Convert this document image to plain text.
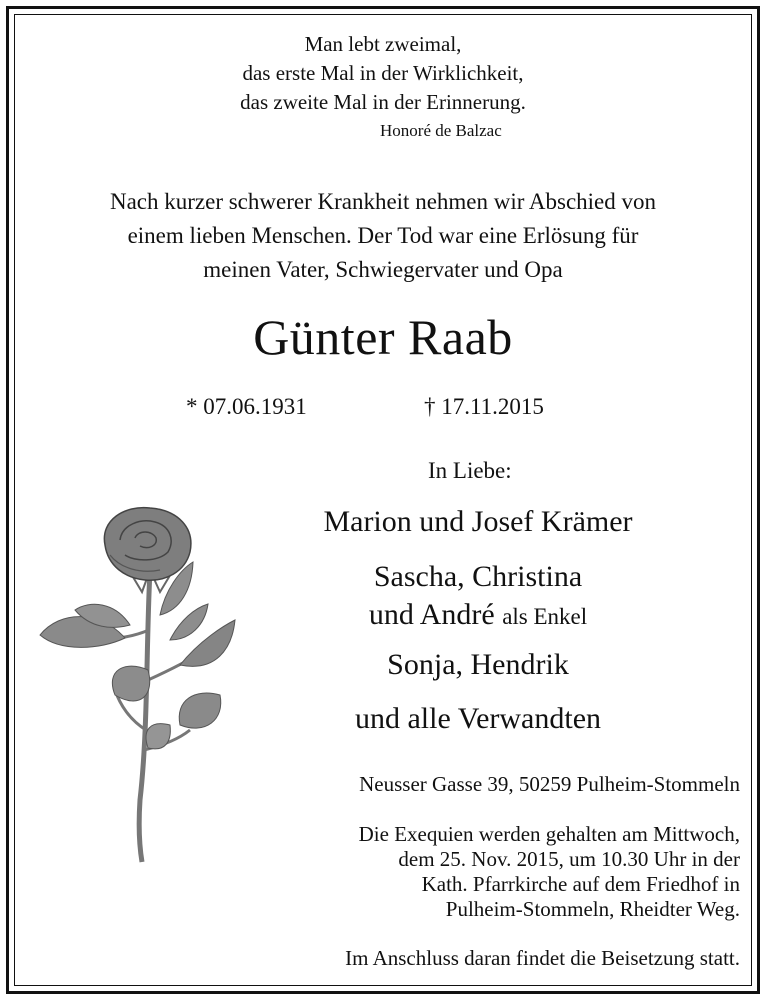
Man lebt zweimal,
das erste Mal in der Wirklichkeit,
das zweite Mal in der Erinnerung.
Honoré de Balzac
Nach kurzer schwerer Krankheit nehmen wir Abschied von
einem lieben Menschen. Der Tod war eine Erlösung für
meinen Vater, Schwiegervater und Opa
Günter Raab
* 07.06.1931	† 17.11.2015
In Liebe:
Marion und Josef Krämer
Sascha, Christina
und André als Enkel
Sonja, Hendrik
und alle Verwandten
Neusser Gasse 39, 50259 Pulheim-Stommeln
Die Exequien werden gehalten am Mittwoch,
dem 25. Nov. 2015, um 10.30 Uhr in der
Kath. Pfarrkirche auf dem Friedhof in
Pulheim-Stommeln, Rheidter Weg.
Im Anschluss daran findet die Beisetzung statt.
